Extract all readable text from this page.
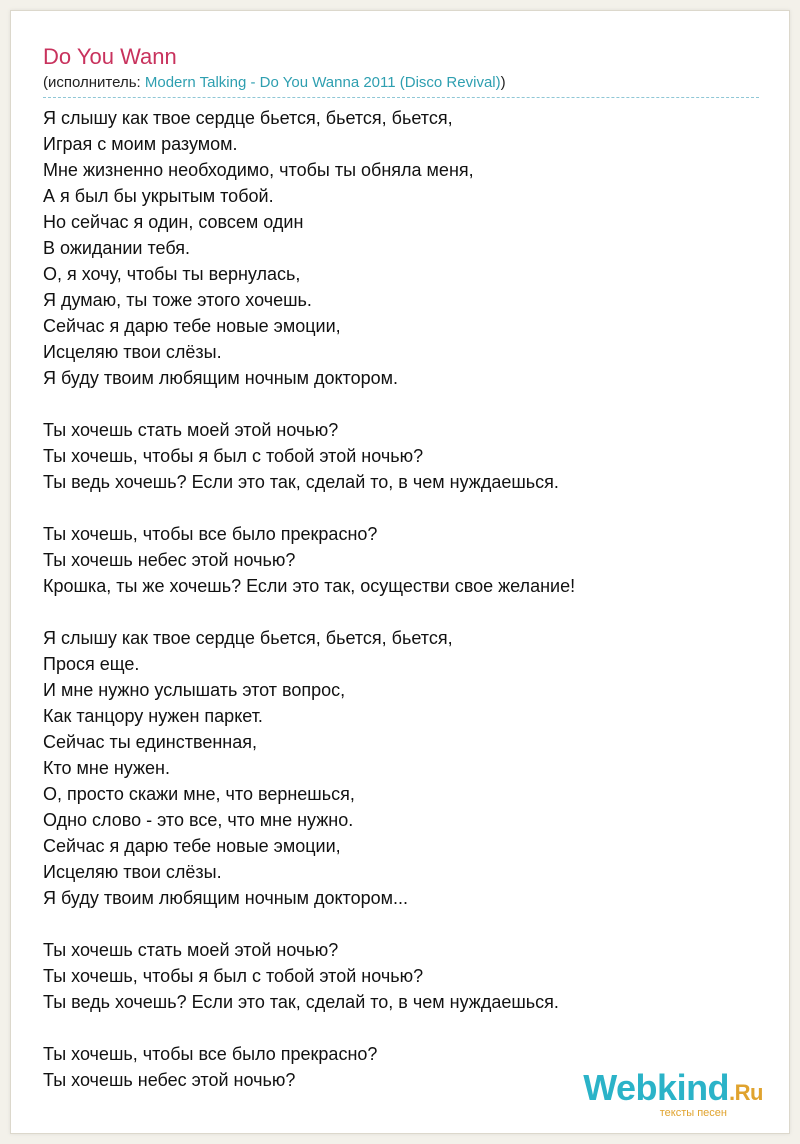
Do You Wann
(исполнитель: Modern Talking - Do You Wanna 2011 (Disco Revival))
Я слышу как твое сердце бьется, бьется, бьется,
Играя с моим разумом.
Мне жизненно необходимо, чтобы ты обняла меня,
А я был бы укрытым тобой.
Но сейчас я один, совсем один
В ожидании тебя.
О, я хочу, чтобы ты вернулась,
Я думаю, ты тоже этого хочешь.
Сейчас я дарю тебе новые эмоции,
Исцеляю твои слёзы.
Я буду твоим любящим ночным доктором.
Ты хочешь стать моей этой ночью?
Ты хочешь, чтобы я был с тобой этой ночью?
Ты ведь хочешь? Если это так, сделай то, в чем нуждаешься.
Ты хочешь, чтобы все было прекрасно?
Ты хочешь небес этой ночью?
Крошка, ты же хочешь? Если это так, осуществи свое желание!
Я слышу как твое сердце бьется, бьется, бьется,
Прося еще.
И мне нужно услышать этот вопрос,
Как танцору нужен паркет.
Сейчас ты единственная,
Кто мне нужен.
О, просто скажи мне, что вернешься,
Одно слово - это все, что мне нужно.
Сейчас я дарю тебе новые эмоции,
Исцеляю твои слёзы.
Я буду твоим любящим ночным доктором...
Ты хочешь стать моей этой ночью?
Ты хочешь, чтобы я был с тобой этой ночью?
Ты ведь хочешь? Если это так, сделай то, в чем нуждаешься.
Ты хочешь, чтобы все было прекрасно?
Ты хочешь небес этой ночью?	Webkind.Ru
тексты песен
